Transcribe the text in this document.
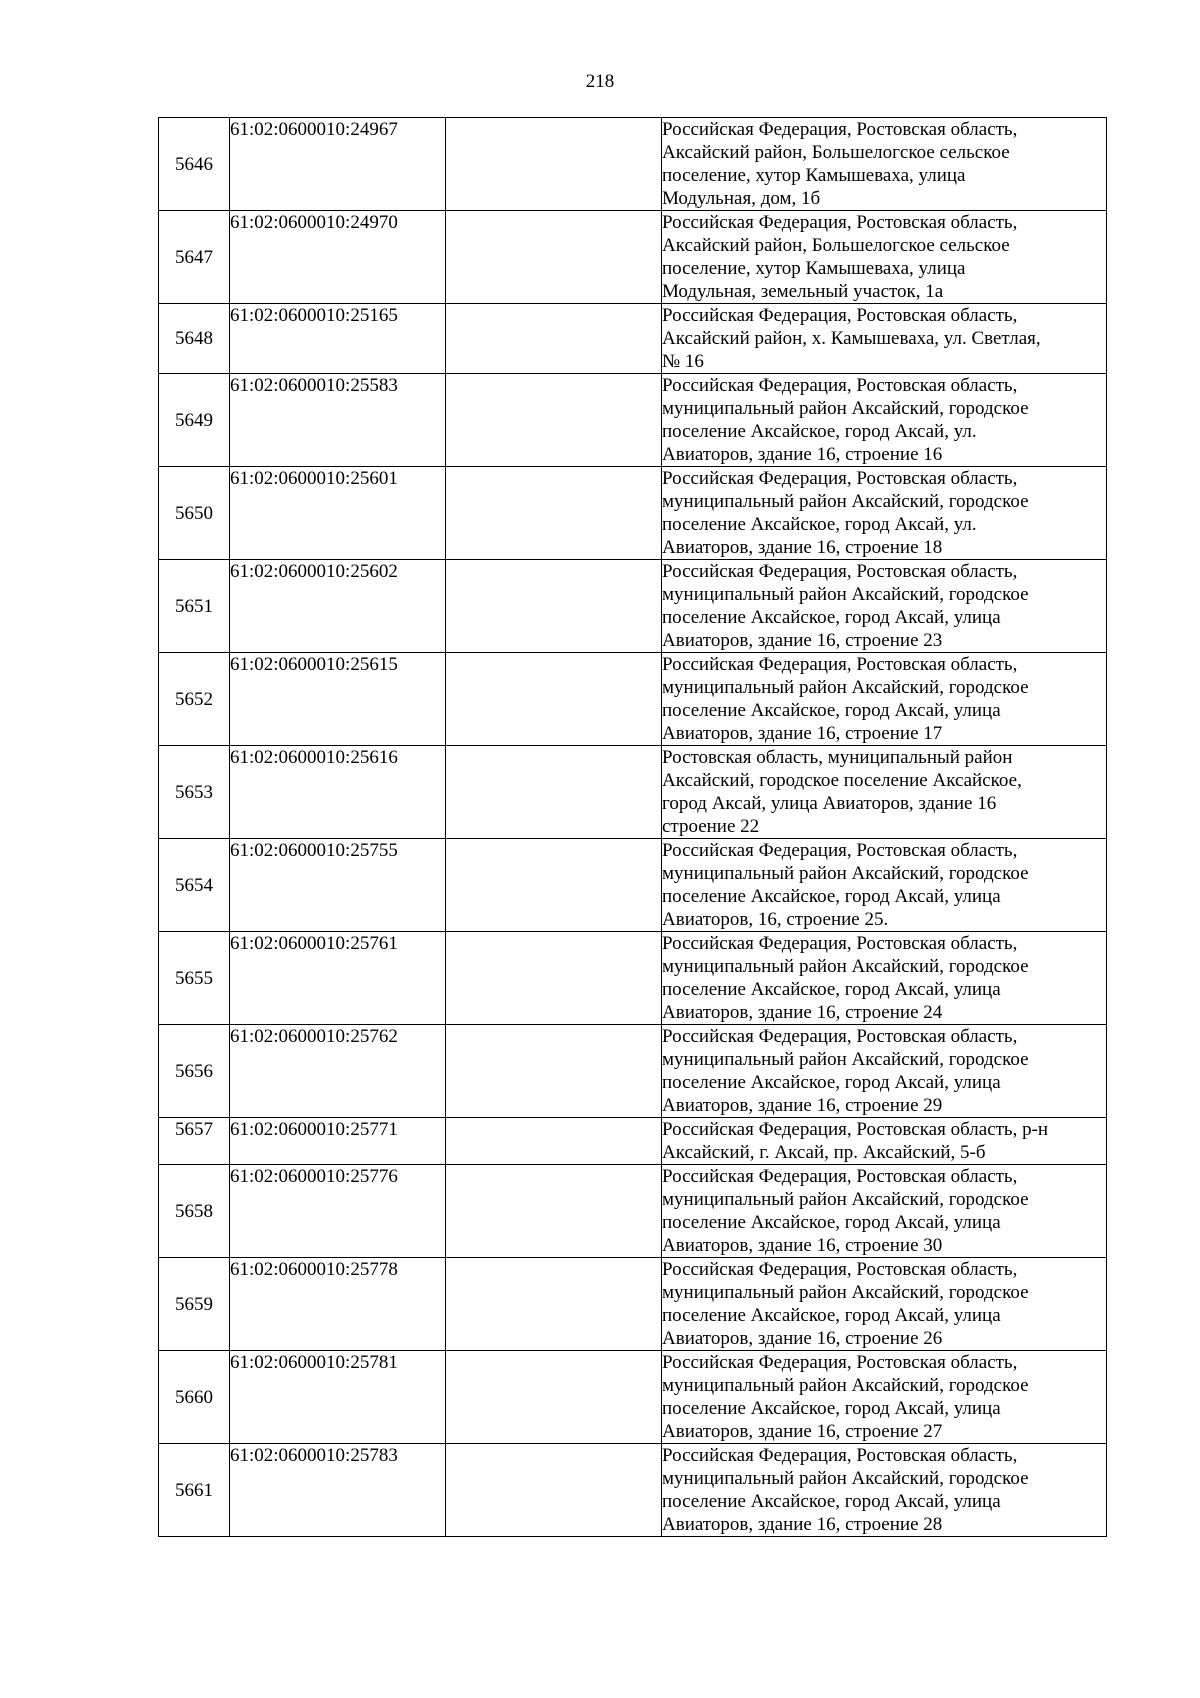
218
5646	61:02:0600010:24967		Российская Федерация, Ростовская область,
Аксайский район, Большелогское сельское
поселение, хутор Камышеваха, улица
Модульная, дом, 1б

5647	61:02:0600010:24970		Российская Федерация, Ростовская область,
Аксайский район, Большелогское сельское
поселение, хутор Камышеваха, улица
Модульная, земельный участок, 1а

5648	61:02:0600010:25165		Российская Федерация, Ростовская область,
Аксайский район, х. Камышеваха, ул. Светлая,
№ 16

5649	61:02:0600010:25583		Российская Федерация, Ростовская область,
муниципальный район Аксайский, городское
поселение Аксайское, город Аксай, ул.
Авиаторов, здание 16, строение 16

5650	61:02:0600010:25601		Российская Федерация, Ростовская область,
муниципальный район Аксайский, городское
поселение Аксайское, город Аксай, ул.
Авиаторов, здание 16, строение 18

5651	61:02:0600010:25602		Российская Федерация, Ростовская область,
муниципальный район Аксайский, городское
поселение Аксайское, город Аксай, улица
Авиаторов, здание 16, строение 23

5652	61:02:0600010:25615		Российская Федерация, Ростовская область,
муниципальный район Аксайский, городское
поселение Аксайское, город Аксай, улица
Авиаторов, здание 16, строение 17

5653	61:02:0600010:25616		Ростовская область, муниципальный район
Аксайский, городское поселение Аксайское,
город Аксай, улица Авиаторов, здание 16
строение 22

5654	61:02:0600010:25755		Российская Федерация, Ростовская область,
муниципальный район Аксайский, городское
поселение Аксайское, город Аксай, улица
Авиаторов, 16, строение 25.

5655	61:02:0600010:25761		Российская Федерация, Ростовская область,
муниципальный район Аксайский, городское
поселение Аксайское, город Аксай, улица
Авиаторов, здание 16, строение 24

5656	61:02:0600010:25762		Российская Федерация, Ростовская область,
муниципальный район Аксайский, городское
поселение Аксайское, город Аксай, улица
Авиаторов, здание 16, строение 29

5657	61:02:0600010:25771		Российская Федерация, Ростовская область, р-н
Аксайский, г. Аксай, пр. Аксайский, 5-б

5658	61:02:0600010:25776		Российская Федерация, Ростовская область,
муниципальный район Аксайский, городское
поселение Аксайское, город Аксай, улица
Авиаторов, здание 16, строение 30

5659	61:02:0600010:25778		Российская Федерация, Ростовская область,
муниципальный район Аксайский, городское
поселение Аксайское, город Аксай, улица
Авиаторов, здание 16, строение 26

5660	61:02:0600010:25781		Российская Федерация, Ростовская область,
муниципальный район Аксайский, городское
поселение Аксайское, город Аксай, улица
Авиаторов, здание 16, строение 27

5661	61:02:0600010:25783		Российская Федерация, Ростовская область,
муниципальный район Аксайский, городское
поселение Аксайское, город Аксай, улица
Авиаторов, здание 16, строение 28
